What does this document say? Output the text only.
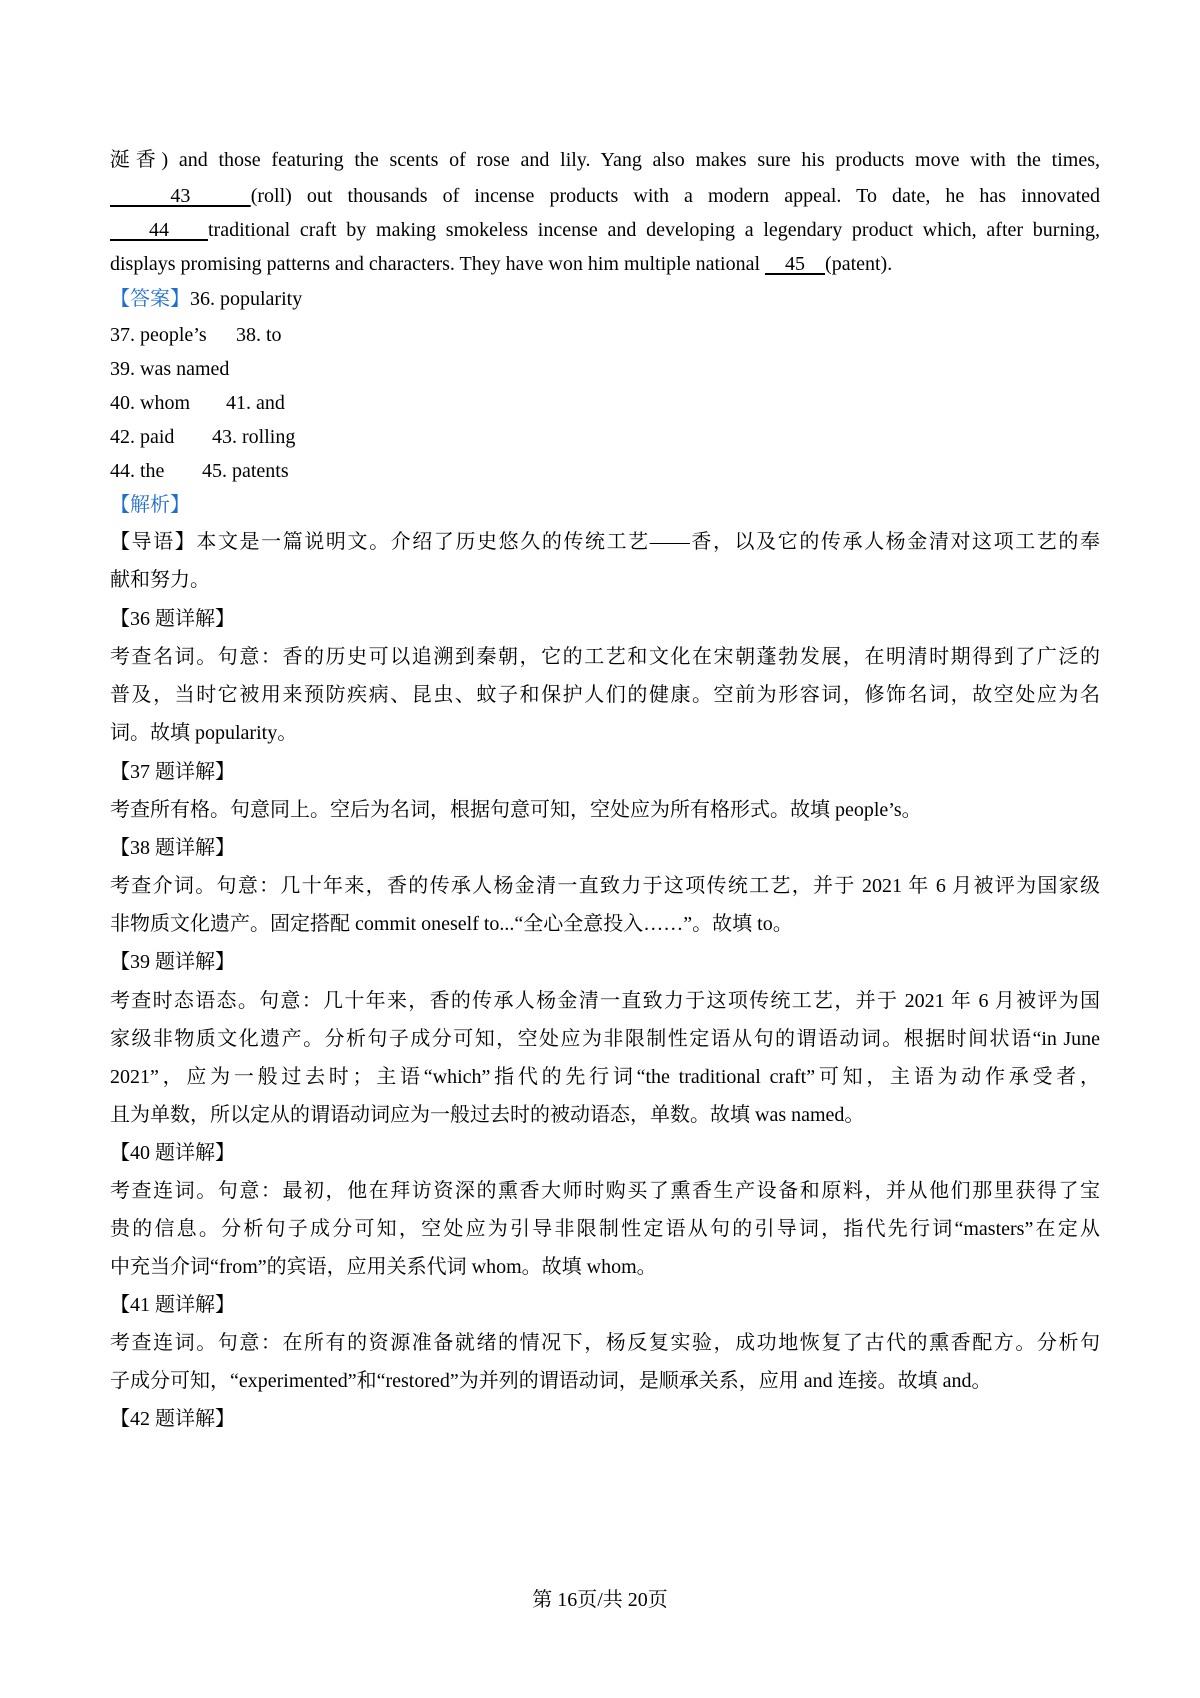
涎香) and those featuring the scents of rose and lily. Yang also makes sure his products move with the times,
43    (roll) out thousands of incense products with a modern appeal. To date, he has innovated
44    traditional craft by making smokeless incense and developing a legendary product which, after burning,
displays promising patterns and characters. They have won him multiple national     45    (patent).
【答案】36. popularity
37. people’s 38. to
39. was named
40. whom 41. and
42. paid 43. rolling
44. the 45. patents
【解析】
【导语】本文是一篇说明文。介绍了历史悠久的传统工艺——香，以及它的传承人杨金清对这项工艺的奉
献和努力。
【36 题详解】
考查名词。句意：香的历史可以追溯到秦朝，它的工艺和文化在宋朝蓬勃发展，在明清时期得到了广泛的
普及，当时它被用来预防疾病、昆虫、蚊子和保护人们的健康。空前为形容词，修饰名词，故空处应为名
词。故填 popularity。
【37 题详解】
考查所有格。句意同上。空后为名词，根据句意可知，空处应为所有格形式。故填 people’s。
【38 题详解】
考查介词。句意：几十年来，香的传承人杨金清一直致力于这项传统工艺，并于 2021 年 6 月被评为国家级
非物质文化遗产。固定搭配 commit oneself to...“全心全意投入……”。故填 to。
【39 题详解】
考查时态语态。句意：几十年来，香的传承人杨金清一直致力于这项传统工艺，并于 2021 年 6 月被评为国
家级非物质文化遗产。分析句子成分可知，空处应为非限制性定语从句的谓语动词。根据时间状语“in June
2021”，应为一般过去时；主语“which”指代的先行词“the traditional craft”可知，主语为动作承受者，
且为单数，所以定从的谓语动词应为一般过去时的被动语态，单数。故填 was named。
【40 题详解】
考查连词。句意：最初，他在拜访资深的熏香大师时购买了熏香生产设备和原料，并从他们那里获得了宝
贵的信息。分析句子成分可知，空处应为引导非限制性定语从句的引导词，指代先行词“masters”在定从
中充当介词“from”的宾语，应用关系代词 whom。故填 whom。
【41 题详解】
考查连词。句意：在所有的资源准备就绪的情况下，杨反复实验，成功地恢复了古代的熏香配方。分析句
子成分可知，“experimented”和“restored”为并列的谓语动词，是顺承关系，应用 and 连接。故填 and。
【42 题详解】
第 16页/共 20页
